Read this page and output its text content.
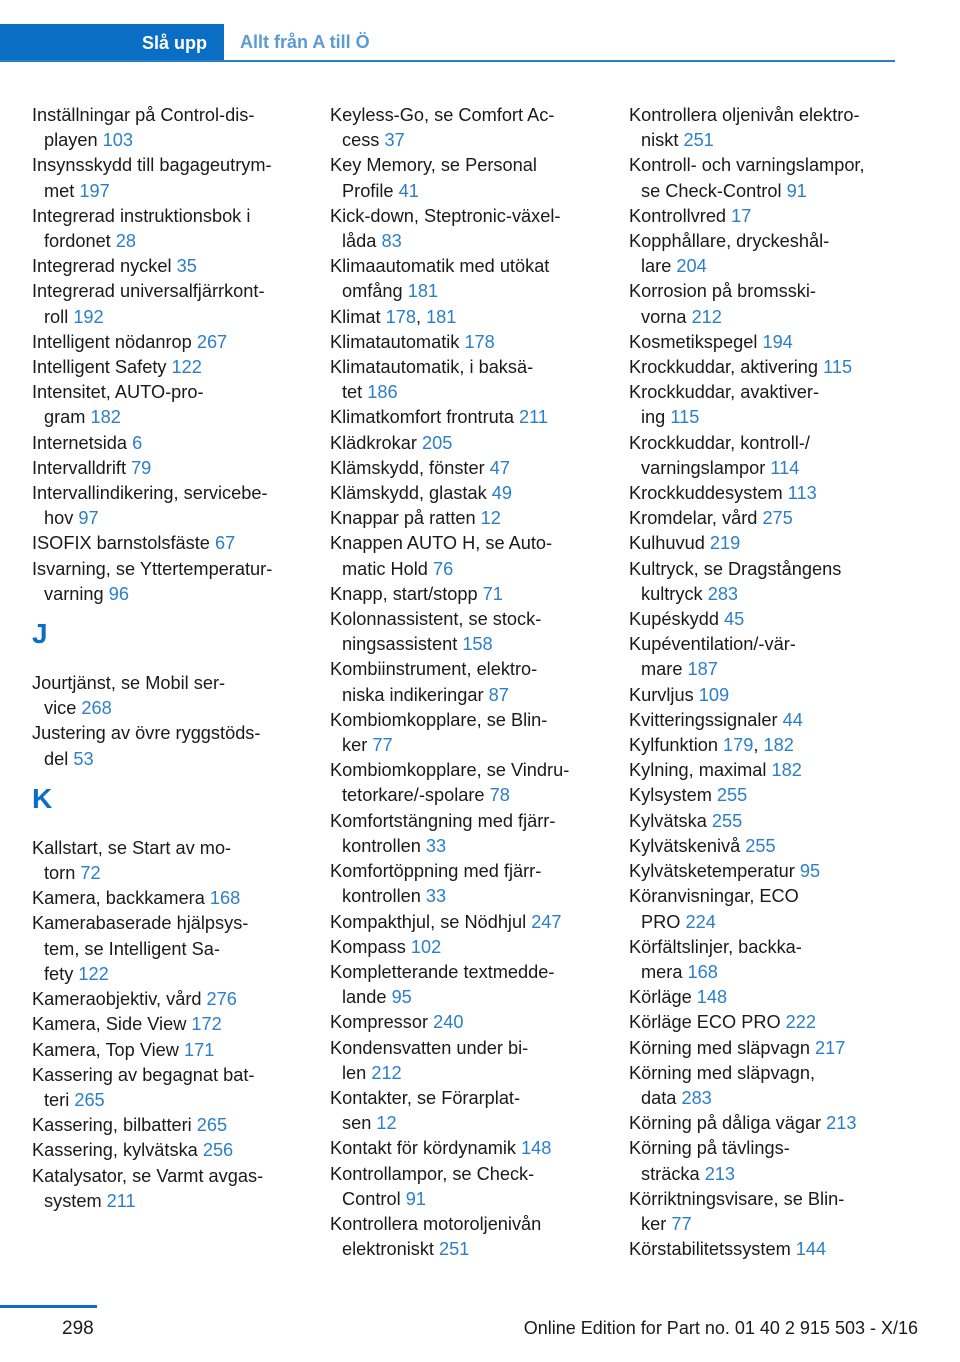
Slå upp	Allt från A till Ö
Inställningar på Control-dis-
playen 103
Insynsskydd till bagageutrym-
met 197
Integrerad instruktionsbok i
fordonet 28
Integrerad nyckel 35
Integrerad universalfjärrkont-
roll 192
Intelligent nödanrop 267
Intelligent Safety 122
Intensitet, AUTO-pro-
gram 182
Internetsida 6
Intervalldrift 79
Intervallindikering, servicebe-
hov 97
ISOFIX barnstolsfäste 67
Isvarning, se Yttertemperatur-
varning 96
J
Jourtjänst, se Mobil ser-
vice 268
Justering av övre ryggstöds-
del 53
K
Kallstart, se Start av mo-
torn 72
Kamera, backkamera 168
Kamerabaserade hjälpsys-
tem, se Intelligent Sa-
fety 122
Kameraobjektiv, vård 276
Kamera, Side View 172
Kamera, Top View 171
Kassering av begagnat bat-
teri 265
Kassering, bilbatteri 265
Kassering, kylvätska 256
Katalysator, se Varmt avgas-
system 211
Keyless-Go, se Comfort Ac-
cess 37
Key Memory, se Personal
Profile 41
Kick-down, Steptronic-växel-
låda 83
Klimaautomatik med utökat
omfång 181
Klimat 178, 181
Klimatautomatik 178
Klimatautomatik, i baksä-
tet 186
Klimatkomfort frontruta 211
Klädkrokar 205
Klämskydd, fönster 47
Klämskydd, glastak 49
Knappar på ratten 12
Knappen AUTO H, se Auto-
matic Hold 76
Knapp, start/stopp 71
Kolonnassistent, se stock-
ningsassistent 158
Kombiinstrument, elektro-
niska indikeringar 87
Kombiomkopplare, se Blin-
ker 77
Kombiomkopplare, se Vindru-
tetorkare/-spolare 78
Komfortstängning med fjärr-
kontrollen 33
Komfortöppning med fjärr-
kontrollen 33
Kompakthjul, se Nödhjul 247
Kompass 102
Kompletterande textmedde-
lande 95
Kompressor 240
Kondensvatten under bi-
len 212
Kontakter, se Förarplat-
sen 12
Kontakt för kördynamik 148
Kontrollampor, se Check-
Control 91
Kontrollera motoroljenivån
elektroniskt 251
Kontrollera oljenivån elektro-
niskt 251
Kontroll- och varningslampor,
se Check-Control 91
Kontrollvred 17
Kopphållare, dryckeshål-
lare 204
Korrosion på bromsski-
vorna 212
Kosmetikspegel 194
Krockkuddar, aktivering 115
Krockkuddar, avaktiver-
ing 115
Krockkuddar, kontroll-/
varningslampor 114
Krockkuddesystem 113
Kromdelar, vård 275
Kulhuvud 219
Kultryck, se Dragstångens
kultryck 283
Kupéskydd 45
Kupéventilation/-vär-
mare 187
Kurvljus 109
Kvitteringssignaler 44
Kylfunktion 179, 182
Kylning, maximal 182
Kylsystem 255
Kylvätska 255
Kylvätskenivå 255
Kylvätsketemperatur 95
Köranvisningar, ECO
PRO 224
Körfältslinjer, backka-
mera 168
Körläge 148
Körläge ECO PRO 222
Körning med släpvagn 217
Körning med släpvagn,
data 283
Körning på dåliga vägar 213
Körning på tävlings-
sträcka 213
Körriktningsvisare, se Blin-
ker 77
Körstabilitetssystem 144
298	Online Edition for Part no. 01 40 2 915 503 - X/16
